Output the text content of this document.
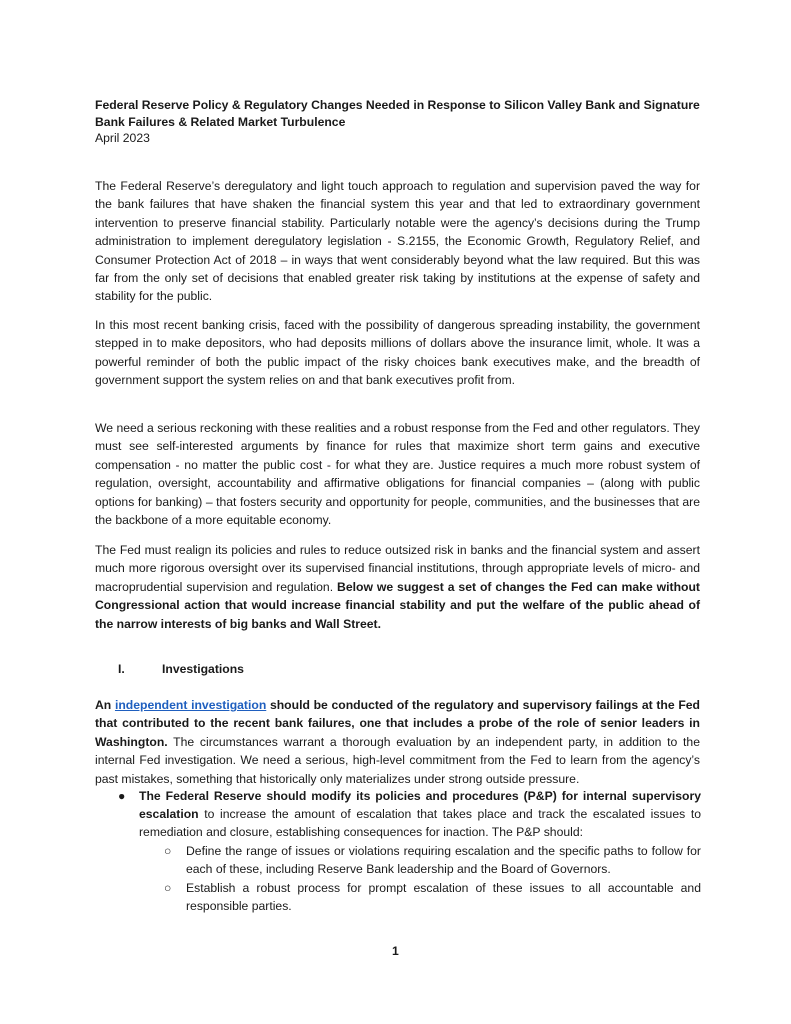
Federal Reserve Policy & Regulatory Changes Needed in Response to Silicon Valley Bank and Signature Bank Failures & Related Market Turbulence
April 2023

The Federal Reserve’s deregulatory and light touch approach to regulation and supervision paved the way for the bank failures that have shaken the financial system this year and that led to extraordinary government intervention to preserve financial stability. Particularly notable were the agency’s decisions during the Trump administration to implement deregulatory legislation - S.2155, the Economic Growth, Regulatory Relief, and Consumer Protection Act of 2018 – in ways that went considerably beyond what the law required. But this was far from the only set of decisions that enabled greater risk taking by institutions at the expense of safety and stability for the public.

In this most recent banking crisis, faced with the possibility of dangerous spreading instability, the government stepped in to make depositors, who had deposits millions of dollars above the insurance limit, whole. It was a powerful reminder of both the public impact of the risky choices bank executives make, and the breadth of government support the system relies on and that bank executives profit from.

We need a serious reckoning with these realities and a robust response from the Fed and other regulators. They must see self-interested arguments by finance for rules that maximize short term gains and executive compensation - no matter the public cost - for what they are. Justice requires a much more robust system of regulation, oversight, accountability and affirmative obligations for financial companies – (along with public options for banking) – that fosters security and opportunity for people, communities, and the businesses that are the backbone of a more equitable economy.

The Fed must realign its policies and rules to reduce outsized risk in banks and the financial system and assert much more rigorous oversight over its supervised financial institutions, through appropriate levels of micro- and macroprudential supervision and regulation. Below we suggest a set of changes the Fed can make without Congressional action that would increase financial stability and put the welfare of the public ahead of the narrow interests of big banks and Wall Street.

I.	Investigations

An independent investigation should be conducted of the regulatory and supervisory failings at the Fed that contributed to the recent bank failures, one that includes a probe of the role of senior leaders in Washington. The circumstances warrant a thorough evaluation by an independent party, in addition to the internal Fed investigation. We need a serious, high-level commitment from the Fed to learn from the agency’s past mistakes, something that historically only materializes under strong outside pressure.

● The Federal Reserve should modify its policies and procedures (P&P) for internal supervisory escalation to increase the amount of escalation that takes place and track the escalated issues to remediation and closure, establishing consequences for inaction. The P&P should:
○ Define the range of issues or violations requiring escalation and the specific paths to follow for each of these, including Reserve Bank leadership and the Board of Governors.
○ Establish a robust process for prompt escalation of these issues to all accountable and responsible parties.
1
